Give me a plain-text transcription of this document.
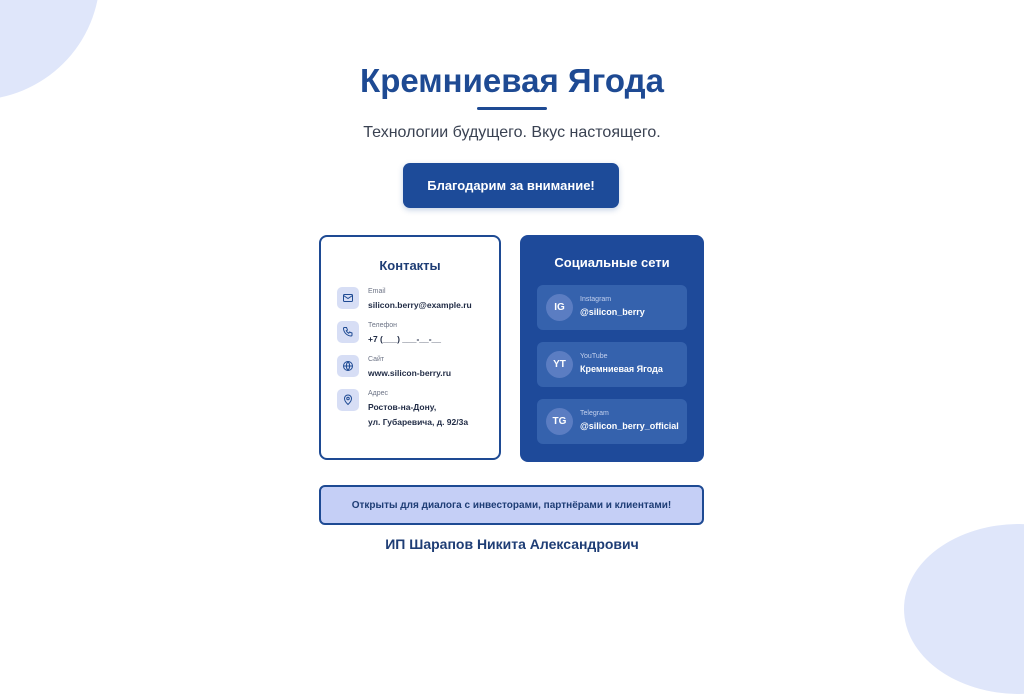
Кремниевая Ягода
Технологии будущего. Вкус настоящего.
Благодарим за внимание!
Контакты
Email
silicon.berry@example.ru
Телефон
+7 (___) ___-__-__
Сайт
www.silicon-berry.ru
Адрес
Ростов-на-Дону,
ул. Губаревича, д. 92/3а
Социальные сети
IG
Instagram
@silicon_berry
YT
YouTube
Кремниевая Ягода
TG
Telegram
@silicon_berry_official
Открыты для диалога с инвесторами, партнёрами и клиентами!
ИП Шарапов Никита Александрович
